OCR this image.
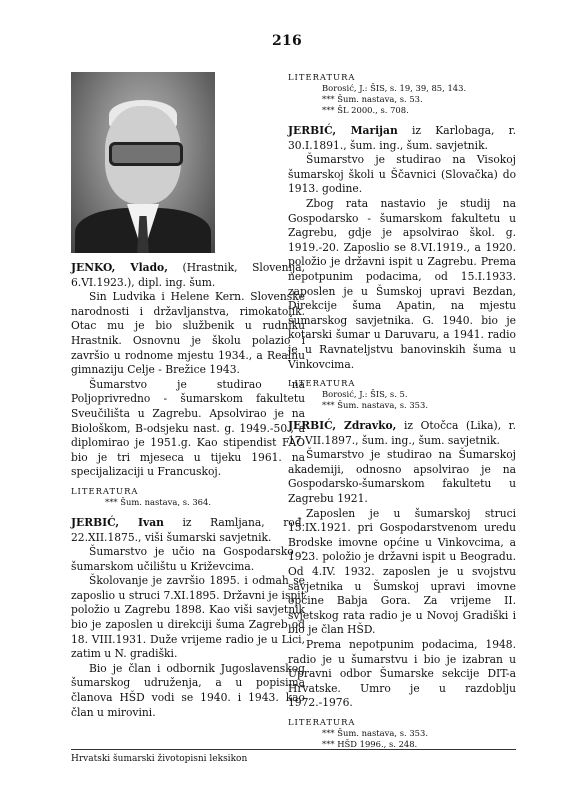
216

JENKO, Vlado, (Hrastnik, Slovenija, 6.VI.1923.), dipl. ing. šum.

Sin Ludvika i Helene Kern. Slovenske narodnosti i državljanstva, rimokatolik. Otac mu je bio službenik u rudniku Hrastnik. Osnovnu je školu polazio i završio u rodnome mjestu 1934., a Realnu gimnaziju Celje - Brežice 1943.

Šumarstvo je studirao na Poljoprivredno - šumarskom fakultetu Sveučilišta u Zagrebu. Apsolvirao je na Biološkom, B-odsjeku nast. g. 1949.-50., a diplomirao je 1951.g. Kao stipendist FAO bio je tri mjeseca u tijeku 1961. na specijalizaciji u Francuskoj.

LITERATURA
*** Šum. nastava, s. 364.

JERBIĆ, Ivan iz Ramljana, rođ. 22.XII.1875., viši šumarski savjetnik.

Šumarstvo je učio na Gospodarsko - šumarskom učilištu u Križevcima.

Školovanje je završio 1895. i odmah se zaposlio u struci 7.XI.1895. Državni je ispit položio u Zagrebu 1898. Kao viši savjetnik bio je zaposlen u direkciji šuma Zagreb od 18. VIII.1931. Duže vrijeme radio je u Lici, zatim u N. gradiški.

Bio je član i odbornik Jugoslavenskog šumarskog udruženja, a u popisima članova HŠD vodi se 1940. i 1943. kao član u mirovini.

LITERATURA
Borosić, J.: ŠIS, s. 19, 39, 85, 143.
*** Šum. nastava, s. 53.
*** ŠL 2000., s. 708.

JERBIĆ, Marijan iz Karlobaga, r. 30.I.1891., šum. ing., šum. savjetnik.

Šumarstvo je studirao na Visokoj šumarskoj školi u Ščavnici (Slovačka) do 1913. godine.

Zbog rata nastavio je studij na Gospodarsko - šumarskom fakultetu u Zagrebu, gdje je apsolvirao škol. g. 1919.-20. Zaposlio se 8.VI.1919., a 1920. položio je državni ispit u Zagrebu. Prema nepotpunim podacima, od 15.I.1933. zaposlen je u Šumskoj upravi Bezdan, Direkcije šuma Apatin, na mjestu šumarskog savjetnika. G. 1940. bio je kotarski šumar u Daruvaru, a 1941. radio je u Ravnateljstvu banovinskih šuma u Vinkovcima.

LITERATURA
Borosić, J.: ŠIS, s. 5.
*** Šum. nastava, s. 353.

JERBIĆ, Zdravko, iz Otočca (Lika), r. 17.VII.1897., šum. ing., šum. savjetnik.

Šumarstvo je studirao na Šumarskoj akademiji, odnosno apsolvirao je na Gospodarsko-šumarskom fakultetu u Zagrebu 1921.

Zaposlen je u šumarskoj struci 15.IX.1921. pri Gospodarstvenom uredu Brodske imovne općine u Vinkovcima, a 1923. položio je državni ispit u Beogradu. Od 4.IV. 1932. zaposlen je u svojstvu savjetnika u Šumskoj upravi imovne općine Babja Gora. Za vrijeme II. svjetskog rata radio je u Novoj Gradiški i bio je član HŠD.

Prema nepotpunim podacima, 1948. radio je u šumarstvu i bio je izabran u Upravni odbor Šumarske sekcije DIT-a Hrvatske. Umro je u razdoblju 1972.-1976.

LITERATURA
*** Šum. nastava, s. 353.
*** HŠD 1996., s. 248.
Hrvatski šumarski životopisni leksikon
